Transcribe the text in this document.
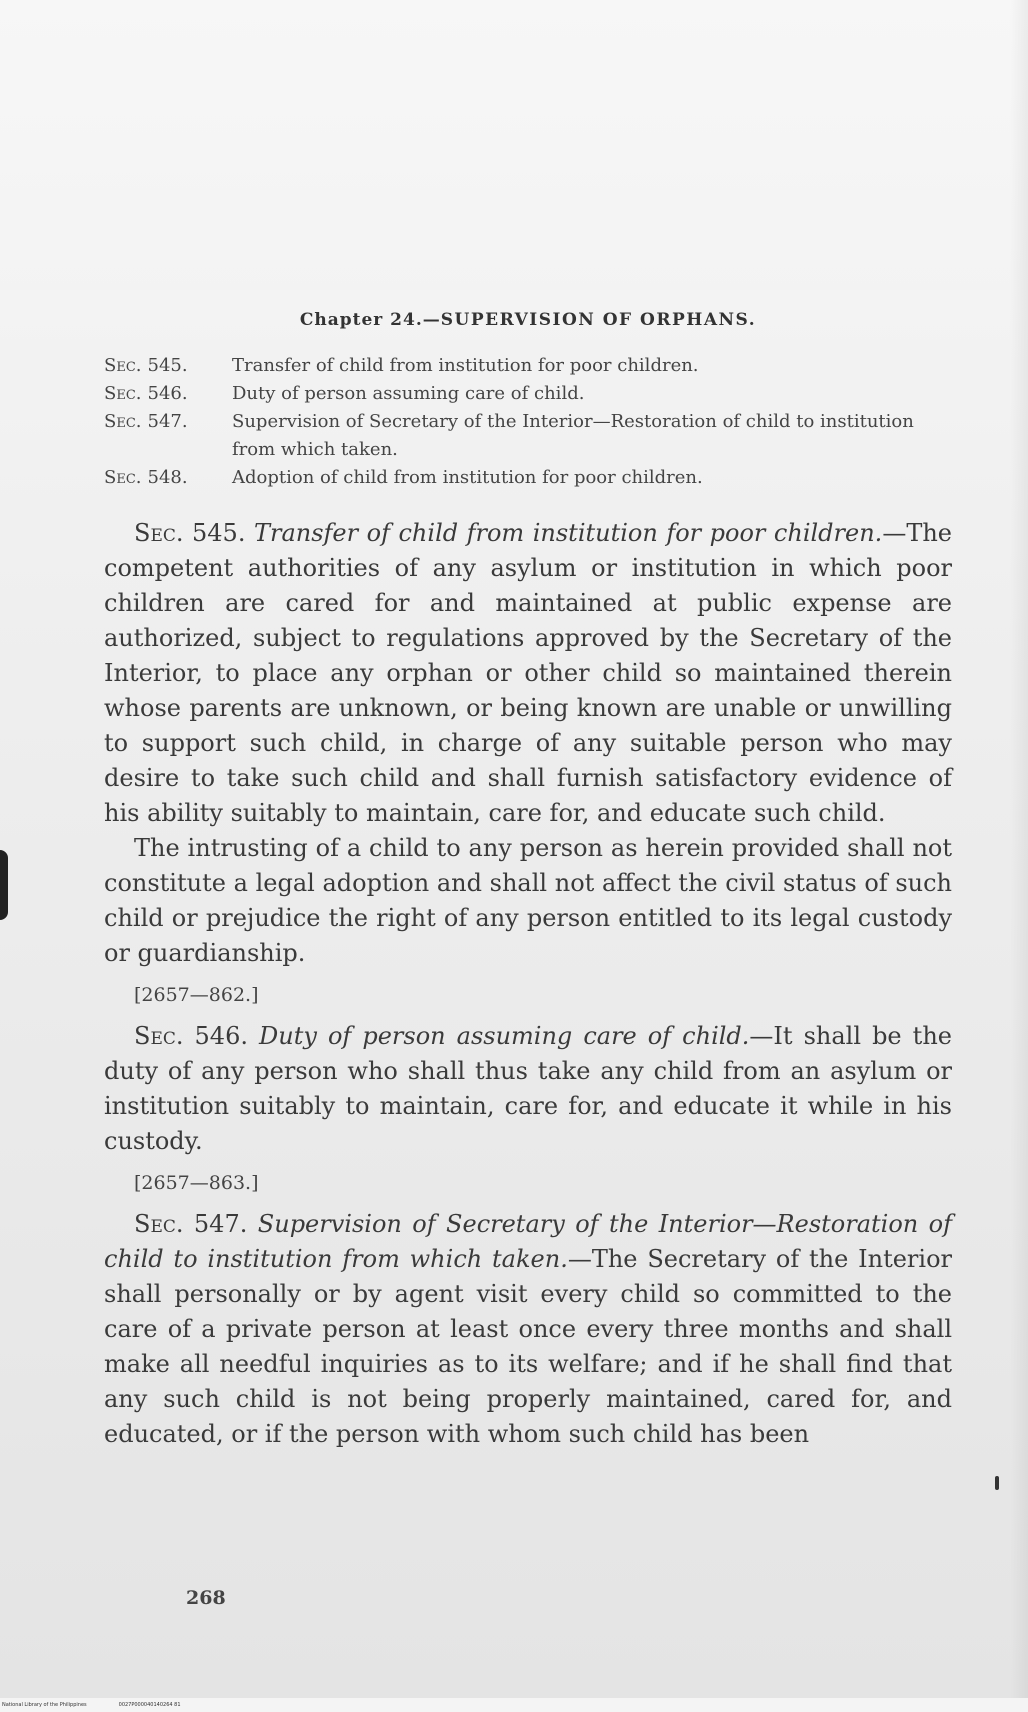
Chapter 24.—SUPERVISION OF ORPHANS.
Sec. 545.	Transfer of child from institution for poor children.
Sec. 546.	Duty of person assuming care of child.
Sec. 547.	Supervision of Secretary of the Interior—Restoration of child to institution from which taken.
Sec. 548.	Adoption of child from institution for poor children.

Sec. 545. Transfer of child from institution for poor children.—The competent authorities of any asylum or institution in which poor children are cared for and maintained at public expense are authorized, subject to regulations approved by the Secretary of the Interior, to place any orphan or other child so maintained therein whose parents are unknown, or being known are unable or unwilling to support such child, in charge of any suitable person who may desire to take such child and shall furnish satisfactory evidence of his ability suitably to maintain, care for, and educate such child.

The intrusting of a child to any person as herein provided shall not constitute a legal adoption and shall not affect the civil status of such child or prejudice the right of any person entitled to its legal custody or guardianship.

[2657—862.]

Sec. 546. Duty of person assuming care of child.—It shall be the duty of any person who shall thus take any child from an asylum or institution suitably to maintain, care for, and educate it while in his custody.

[2657—863.]

Sec. 547. Supervision of Secretary of the Interior—Restoration of child to institution from which taken.—The Secretary of the Interior shall personally or by agent visit every child so committed to the care of a private person at least once every three months and shall make all needful inquiries as to its welfare; and if he shall find that any such child is not being properly maintained, cared for, and educated, or if the person with whom such child has been

268
National Library of the Philippines	0027P000040140264 81
